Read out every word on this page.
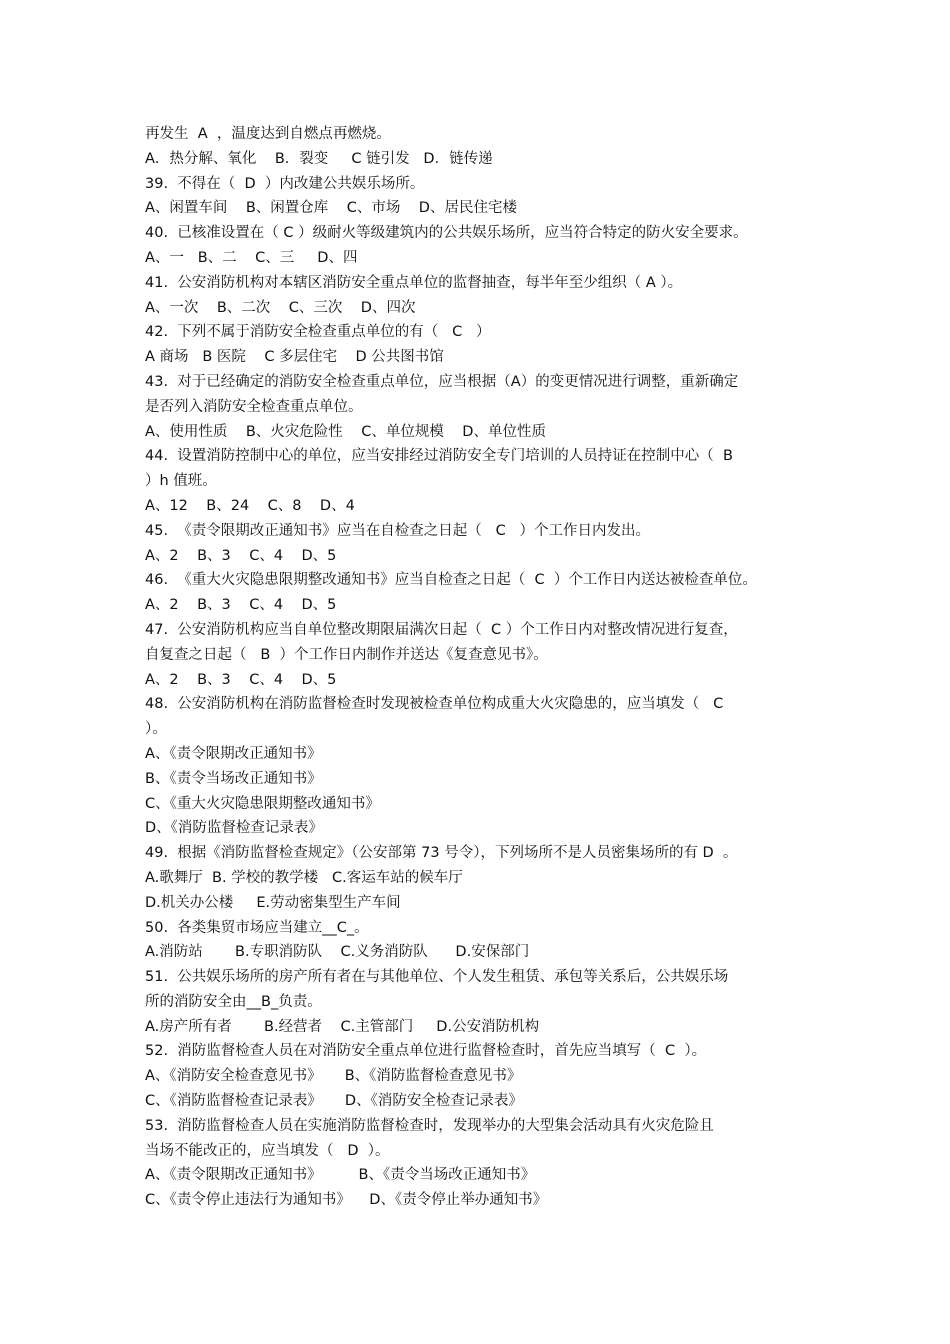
再发生  A  ，温度达到自燃点再燃烧。
A．热分解、氧化    B．裂变     C 链引发   D．链传递
39.  不得在（  D  ）内改建公共娱乐场所。
A、闲置车间    B、闲置仓库    C、市场    D、居民住宅楼
40.  已核准设置在（ C ）级耐火等级建筑内的公共娱乐场所，应当符合特定的防火安全要求。
A、一   B、二    C、三     D、四
41.  公安消防机构对本辖区消防安全重点单位的监督抽查，每半年至少组织（ A ）。
A、一次    B、二次    C、三次    D、四次
42.  下列不属于消防安全检查重点单位的有（   C   ）
A 商场   B 医院    C 多层住宅    D 公共图书馆
43.  对于已经确定的消防安全检查重点单位，应当根据（A）的变更情况进行调整，重新确定
是否列入消防安全检查重点单位。
A、使用性质    B、火灾危险性    C、单位规模    D、单位性质
44.  设置消防控制中心的单位，应当安排经过消防安全专门培训的人员持证在控制中心（  B
）h 值班。
A、12    B、24    C、8    D、4
45.  《责令限期改正通知书》应当在自检查之日起（   C   ）个工作日内发出。
A、2    B、3    C、4    D、5
46.  《重大火灾隐患限期整改通知书》应当自检查之日起（  C  ）个工作日内送达被检查单位。
A、2    B、3    C、4    D、5
47.  公安消防机构应当自单位整改期限届满次日起（  C ）个工作日内对整改情况进行复查，
自复查之日起（   B  ）个工作日内制作并送达《复查意见书》。
A、2    B、3    C、4    D、5
48.  公安消防机构在消防监督检查时发现被检查单位构成重大火灾隐患的，应当填发（   C
）。
A、《责令限期改正通知书》
B、《责令当场改正通知书》
C、《重大火灾隐患限期整改通知书》
D、《消防监督检查记录表》
49.  根据《消防监督检查规定》（公安部第 73 号令），下列场所不是人员密集场所的有 D  。
A.歌舞厅  B. 学校的教学楼   C.客运车站的候车厅
D.机关办公楼     E.劳动密集型生产车间
50.  各类集贸市场应当建立__C_。
A.消防站       B.专职消防队    C.义务消防队      D.安保部门
51.  公共娱乐场所的房产所有者在与其他单位、个人发生租赁、承包等关系后，公共娱乐场
所的消防安全由__B_负责。
A.房产所有者       B.经营者    C.主管部门     D.公安消防机构
52.  消防监督检查人员在对消防安全重点单位进行监督检查时，首先应当填写（  C  ）。
A、《消防安全检查意见书》     B、《消防监督检查意见书》
C、《消防监督检查记录表》     D、《消防安全检查记录表》
53.  消防监督检查人员在实施消防监督检查时，发现举办的大型集会活动具有火灾危险且
当场不能改正的，应当填发（   D  ）。
A、《责令限期改正通知书》        B、《责令当场改正通知书》
C、《责令停止违法行为通知书》    D、《责令停止举办通知书》
